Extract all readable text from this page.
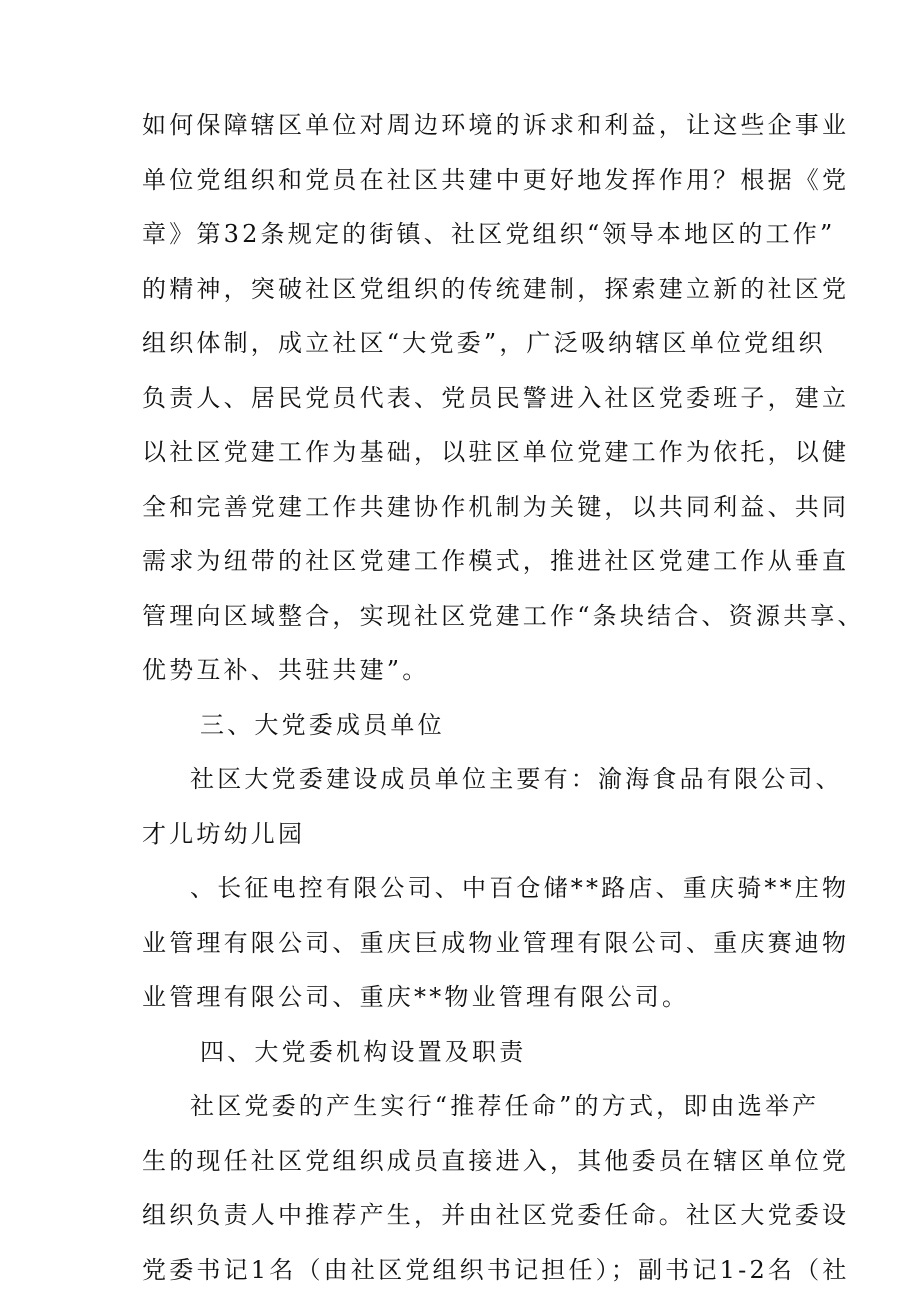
如何保障辖区单位对周边环境的诉求和利益，让这些企事业
单位党组织和党员在社区共建中更好地发挥作用？根据《党
章》第32条规定的街镇、社区党组织“领导本地区的工作”
的精神，突破社区党组织的传统建制，探索建立新的社区党
组织体制，成立社区“大党委”，广泛吸纳辖区单位党组织
负责人、居民党员代表、党员民警进入社区党委班子，建立
以社区党建工作为基础，以驻区单位党建工作为依托，以健
全和完善党建工作共建协作机制为关键，以共同利益、共同
需求为纽带的社区党建工作模式，推进社区党建工作从垂直
管理向区域整合，实现社区党建工作“条块结合、资源共享、
优势互补、共驻共建”。
三、大党委成员单位
社区大党委建设成员单位主要有：渝海食品有限公司、
才儿坊幼儿园
、长征电控有限公司、中百仓储**路店、重庆骑**庄物
业管理有限公司、重庆巨成物业管理有限公司、重庆赛迪物
业管理有限公司、重庆**物业管理有限公司。
四、大党委机构设置及职责
社区党委的产生实行“推荐任命”的方式，即由选举产
生的现任社区党组织成员直接进入，其他委员在辖区单位党
组织负责人中推荐产生，并由社区党委任命。社区大党委设
党委书记1名（由社区党组织书记担任）；副书记1-2名（社
